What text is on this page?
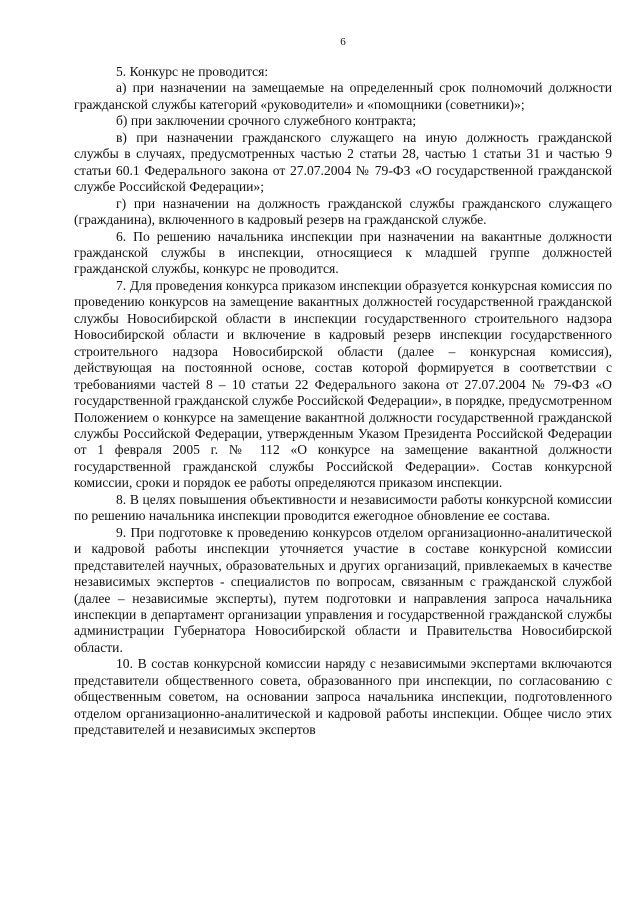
6

5. Конкурс не проводится:

а) при назначении на замещаемые на определенный срок полномочий должности гражданской службы категорий «руководители» и «помощники (советники)»;

б) при заключении срочного служебного контракта;

в) при назначении гражданского служащего на иную должность гражданской службы в случаях, предусмотренных частью 2 статьи 28, частью 1 статьи 31 и частью 9 статьи 60.1 Федерального закона от 27.07.2004 № 79-ФЗ «О государственной гражданской службе Российской Федерации»;

г) при назначении на должность гражданской службы гражданского служащего (гражданина), включенного в кадровый резерв на гражданской службе.

6. По решению начальника инспекции при назначении на вакантные должности гражданской службы в инспекции, относящиеся к младшей группе должностей гражданской службы, конкурс не проводится.

7. Для проведения конкурса приказом инспекции образуется конкурсная комиссия по проведению конкурсов на замещение вакантных должностей государственной гражданской службы Новосибирской области в инспекции государственного строительного надзора Новосибирской области и включение в кадровый резерв инспекции государственного строительного надзора Новосибирской области (далее – конкурсная комиссия), действующая на постоянной основе, состав которой формируется в соответствии с требованиями частей 8 – 10 статьи 22 Федерального закона от 27.07.2004 № 79-ФЗ «О государственной гражданской службе Российской Федерации», в порядке, предусмотренном Положением о конкурсе на замещение вакантной должности государственной гражданской службы Российской Федерации, утвержденным Указом Президента Российской Федерации от 1 февраля 2005 г. № 112 «О конкурсе на замещение вакантной должности государственной гражданской службы Российской Федерации». Состав конкурсной комиссии, сроки и порядок ее работы определяются приказом инспекции.

8. В целях повышения объективности и независимости работы конкурсной комиссии по решению начальника инспекции проводится ежегодное обновление ее состава.

9. При подготовке к проведению конкурсов отделом организационно-аналитической и кадровой работы инспекции уточняется участие в составе конкурсной комиссии представителей научных, образовательных и других организаций, привлекаемых в качестве независимых экспертов - специалистов по вопросам, связанным с гражданской службой (далее – независимые эксперты), путем подготовки и направления запроса начальника инспекции в департамент организации управления и государственной гражданской службы администрации Губернатора Новосибирской области и Правительства Новосибирской области.

10. В состав конкурсной комиссии наряду с независимыми экспертами включаются представители общественного совета, образованного при инспекции, по согласованию с общественным советом, на основании запроса начальника инспекции, подготовленного отделом организационно-аналитической и кадровой работы инспекции. Общее число этих представителей и независимых экспертов
